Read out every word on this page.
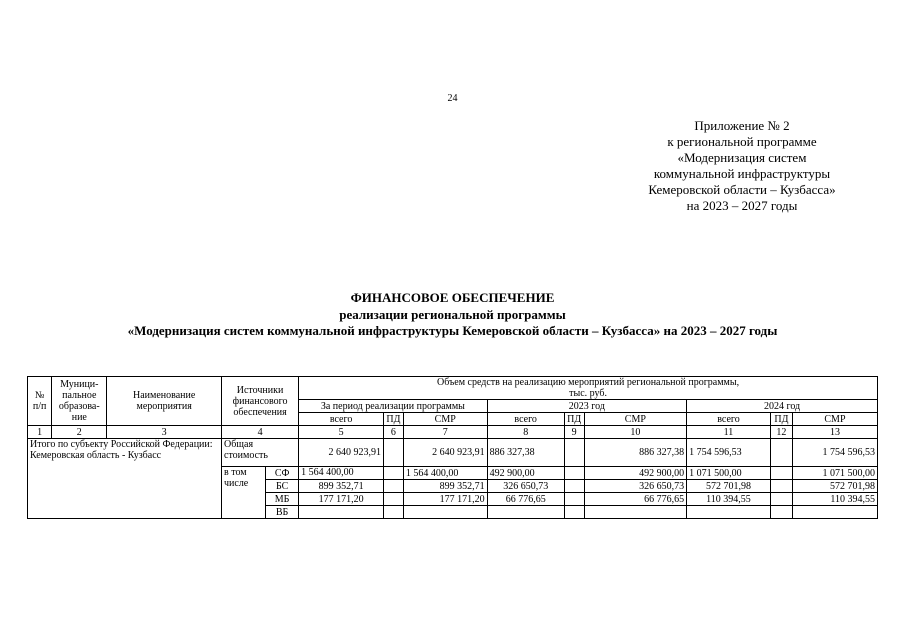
24
Приложение № 2
к региональной программе
«Модернизация систем
коммунальной инфраструктуры
Кемеровской области – Кузбасса»
на 2023 – 2027 годы
ФИНАНСОВОЕ ОБЕСПЕЧЕНИЕ
реализации региональной программы
«Модернизация систем коммунальной инфраструктуры Кемеровской области – Кузбасса» на 2023 – 2027 годы
№ п/п	Муници-пальное образова-ние	Наименование мероприятия	Источники финансового обеспечения		Объем средств на реализацию мероприятий региональной программы,
тыс. руб.								

					За период реализации программы			2023 год			2024 год		
					всего	ПД	СМР	всего	ПД	СМР	всего	ПД	СМР
1	2	3	4		5	6	7	8	9	10	11	12	13
Итого по субъекту Российской Федерации: Кемеровская область - Кузбасс			Общая стоимость		2 640 923,91		2 640 923,91	886 327,38		886 327,38	1 754 596,53		1 754 596,53
			в том числе	СФ	1 564 400,00		1 564 400,00	492 900,00		492 900,00	1 071 500,00		1 071 500,00
				БС	899 352,71		899 352,71	326 650,73		326 650,73	572 701,98		572 701,98
				МБ	177 171,20		177 171,20	66 776,65		66 776,65	110 394,55		110 394,55
				ВБ									
